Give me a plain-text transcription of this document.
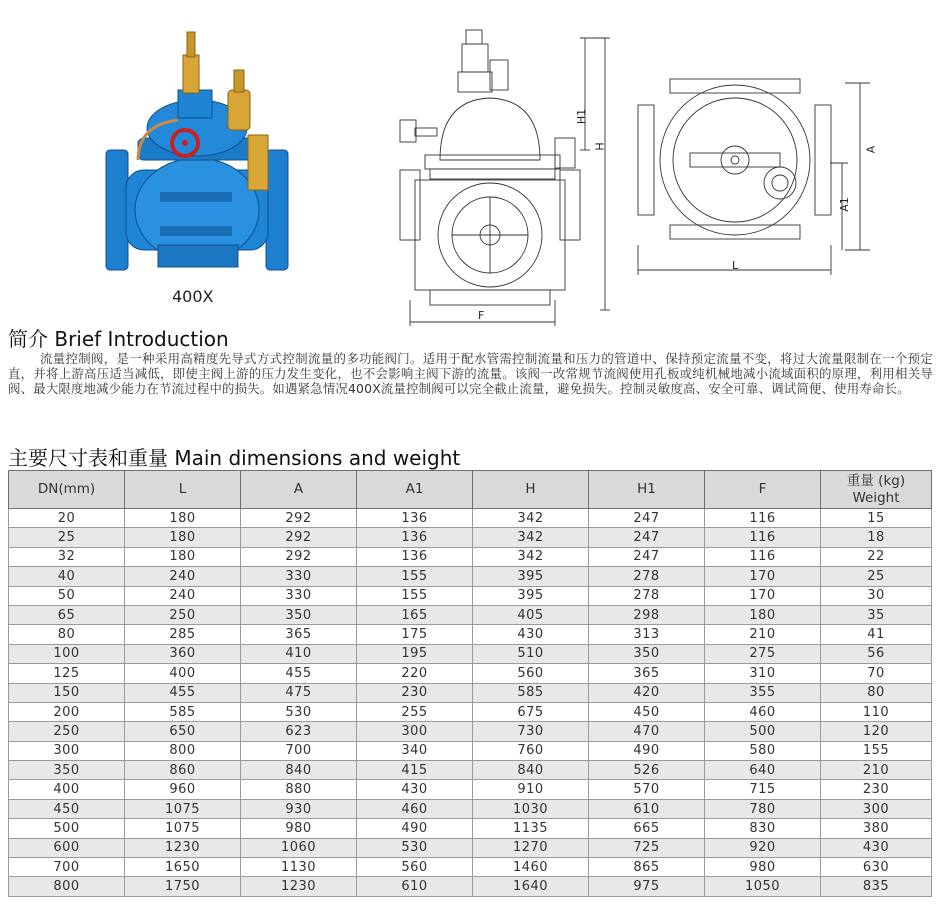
400X
H1
H
F
A
A1
L
简介 Brief Introduction
流量控制阀，是一种采用高精度先导式方式控制流量的多功能阀门。适用于配水管需控制流量和压力的管道中、保持预定流量不变，将过大流量限制在一个预定直，并将上游高压适当减低，即使主阀上游的压力发生变化，也不会影响主阀下游的流量。该阀一改常规节流阀使用孔板或纯机械地减小流域面积的原理，利用相关导阀、最大限度地减少能力在节流过程中的损失。如遇紧急情况400X流量控制阀可以完全截止流量，避免损失。控制灵敏度高、安全可靠、调试简便、使用寿命长。
主要尺寸表和重量 Main dimensions and weight
DN(mm)	L	A	A1	H	H1	F	重量 (kg)
Weight
20	180	292	136	342	247	116	15
25	180	292	136	342	247	116	18
32	180	292	136	342	247	116	22
40	240	330	155	395	278	170	25
50	240	330	155	395	278	170	30
65	250	350	165	405	298	180	35
80	285	365	175	430	313	210	41
100	360	410	195	510	350	275	56
125	400	455	220	560	365	310	70
150	455	475	230	585	420	355	80
200	585	530	255	675	450	460	110
250	650	623	300	730	470	500	120
300	800	700	340	760	490	580	155
350	860	840	415	840	526	640	210
400	960	880	430	910	570	715	230
450	1075	930	460	1030	610	780	300
500	1075	980	490	1135	665	830	380
600	1230	1060	530	1270	725	920	430
700	1650	1130	560	1460	865	980	630
800	1750	1230	610	1640	975	1050	835
